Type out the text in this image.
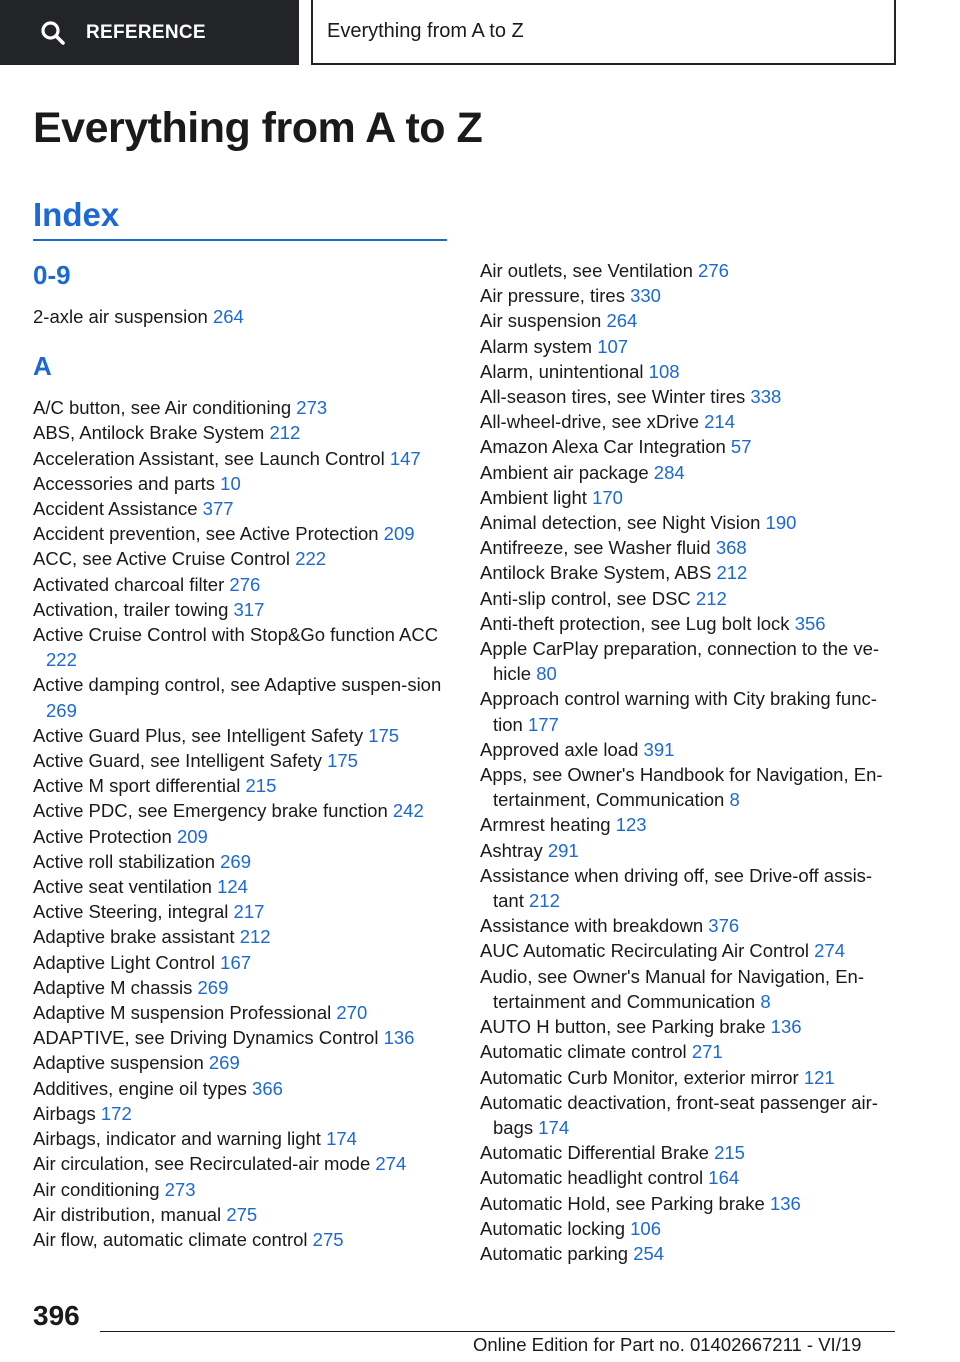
REFERENCE	Everything from A to Z
Everything from A to Z
Index
0-9
2-axle air suspension 264
A
A/C button, see Air conditioning 273
ABS, Antilock Brake System 212
Acceleration Assistant, see Launch Control 147
Accessories and parts 10
Accident Assistance 377
Accident prevention, see Active Protection 209
ACC, see Active Cruise Control 222
Activated charcoal filter 276
Activation, trailer towing 317
Active Cruise Control with Stop&Go function ACC 222
Active damping control, see Adaptive suspen‐sion 269
Active Guard Plus, see Intelligent Safety 175
Active Guard, see Intelligent Safety 175
Active M sport differential 215
Active PDC, see Emergency brake function 242
Active Protection 209
Active roll stabilization 269
Active seat ventilation 124
Active Steering, integral 217
Adaptive brake assistant 212
Adaptive Light Control 167
Adaptive M chassis 269
Adaptive M suspension Professional 270
ADAPTIVE, see Driving Dynamics Control 136
Adaptive suspension 269
Additives, engine oil types 366
Airbags 172
Airbags, indicator and warning light 174
Air circulation, see Recirculated-air mode 274
Air conditioning 273
Air distribution, manual 275
Air flow, automatic climate control 275
Air outlets, see Ventilation 276
Air pressure, tires 330
Air suspension 264
Alarm system 107
Alarm, unintentional 108
All-season tires, see Winter tires 338
All-wheel-drive, see xDrive 214
Amazon Alexa Car Integration 57
Ambient air package 284
Ambient light 170
Animal detection, see Night Vision 190
Antifreeze, see Washer fluid 368
Antilock Brake System, ABS 212
Anti-slip control, see DSC 212
Anti-theft protection, see Lug bolt lock 356
Apple CarPlay preparation, connection to the ve‐hicle 80
Approach control warning with City braking func‐tion 177
Approved axle load 391
Apps, see Owner's Handbook for Navigation, En‐tertainment, Communication 8
Armrest heating 123
Ashtray 291
Assistance when driving off, see Drive-off assis‐tant 212
Assistance with breakdown 376
AUC Automatic Recirculating Air Control 274
Audio, see Owner's Manual for Navigation, En‐tertainment and Communication 8
AUTO H button, see Parking brake 136
Automatic climate control 271
Automatic Curb Monitor, exterior mirror 121
Automatic deactivation, front-seat passenger air‐bags 174
Automatic Differential Brake 215
Automatic headlight control 164
Automatic Hold, see Parking brake 136
Automatic locking 106
Automatic parking 254
396
Online Edition for Part no. 01402667211 - VI/19
